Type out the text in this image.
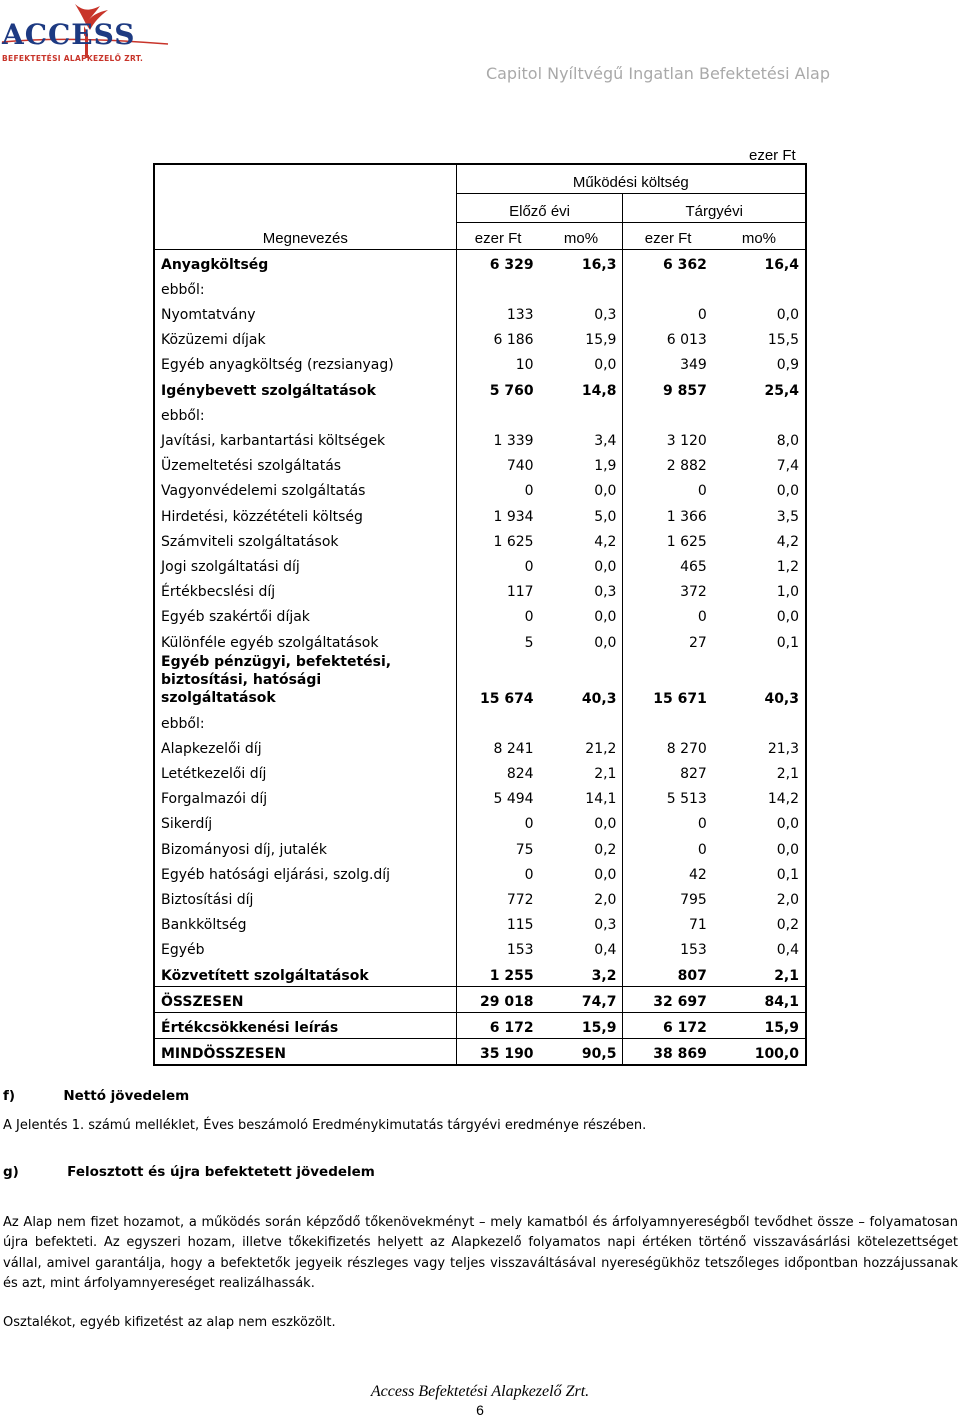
ACCESS
BEFEKTETÉSI ALAPKEZELŐ ZRT.
Capitol Nyíltvégű Ingatlan Befektetési Alap
ezer Ft
	Működési költség			
	Előző évi		Tárgyévi	
Megnevezés	ezer Ft	mo%	ezer Ft	mo%
Anyagköltség	6 329	16,3	6 362	16,4
ebből:				
Nyomtatvány	133	0,3	0	0,0
Közüzemi díjak	6 186	15,9	6 013	15,5
Egyéb anyagköltség (rezsianyag)	10	0,0	349	0,9
Igénybevett szolgáltatások	5 760	14,8	9 857	25,4
ebből:				
Javítási, karbantartási költségek	1 339	3,4	3 120	8,0
Üzemeltetési szolgáltatás	740	1,9	2 882	7,4
Vagyonvédelemi szolgáltatás	0	0,0	0	0,0
Hirdetési, közzétételi költség	1 934	5,0	1 366	3,5
Számviteli szolgáltatások	1 625	4,2	1 625	4,2
Jogi szolgáltatási díj	0	0,0	465	1,2
Értékbecslési díj	117	0,3	372	1,0
Egyéb szakértői díjak	0	0,0	0	0,0
Különféle egyéb szolgáltatások	5	0,0	27	0,1

Egyéb pénzügyi, befektetési,
biztosítási, hatósági
szolgáltatások	15 674	40,3	15 671	40,3
ebből:				
Alapkezelői díj	8 241	21,2	8 270	21,3
Letétkezelői díj	824	2,1	827	2,1
Forgalmazói díj	5 494	14,1	5 513	14,2
Sikerdíj	0	0,0	0	0,0
Bizományosi díj, jutalék	75	0,2	0	0,0
Egyéb hatósági eljárási, szolg.díj	0	0,0	42	0,1
Biztosítási díj	772	2,0	795	2,0
Bankköltség	115	0,3	71	0,2
Egyéb	153	0,4	153	0,4
Közvetített szolgáltatások	1 255	3,2	807	2,1
ÖSSZESEN	29 018	74,7	32 697	84,1
Értékcsökkenési leírás	6 172	15,9	6 172	15,9
MINDÖSSZESEN	35 190	90,5	38 869	100,0
f)	Nettó jövedelem
A Jelentés 1. számú melléklet, Éves beszámoló Eredménykimutatás tárgyévi eredménye részében.
g)	Felosztott és újra befektetett jövedelem
Az Alap nem fizet hozamot, a működés során képződő tőkenövekményt – mely kamatból és árfolyamnyereségből tevődhet össze – folyamatosan újra befekteti. Az egyszeri hozam, illetve tőkekifizetés helyett az Alapkezelő folyamatos napi értéken történő visszavásárlási kötelezettséget vállal, amivel garantálja, hogy a befektetők jegyeik részleges vagy teljes visszaváltásával nyereségükhöz tetszőleges időpontban hozzájussanak és azt, mint árfolyamnyereséget realizálhassák.
Osztalékot, egyéb kifizetést az alap nem eszközölt.
Access Befektetési Alapkezelő Zrt.
6
